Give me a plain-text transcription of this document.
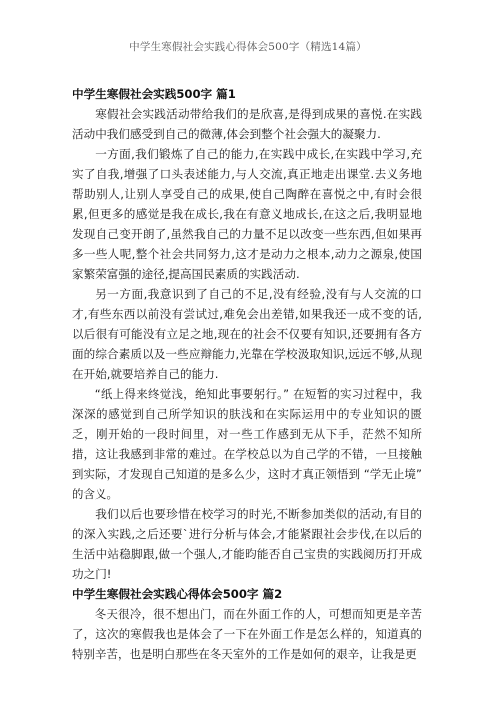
中学生寒假社会实践心得体会500字（精选14篇）
中学生寒假社会实践500字 篇1

寒假社会实践活动带给我们的是欣喜,是得到成果的喜悦.在实践活动中我们感受到自己的微薄,体会到整个社会强大的凝聚力.

一方面,我们锻炼了自己的能力,在实践中成长,在实践中学习,充实了自我,增强了口头表述能力,与人交流,真正地走出课堂.去义务地帮助别人,让别人享受自己的成果,使自己陶醉在喜悦之中,有时会很累,但更多的感觉是我在成长,我在有意义地成长,在这之后,我明显地发现自己变开朗了,虽然我自己的力量不足以改变一些东西,但如果再多一些人呢,整个社会共同努力,这才是动力之根本,动力之源泉,使国家繁荣富强的途径,提高国民素质的实践活动.

另一方面,我意识到了自己的不足,没有经验,没有与人交流的口才,有些东西以前没有尝试过,难免会出差错,如果我还一成不变的话,以后很有可能没有立足之地,现在的社会不仅要有知识,还要拥有各方面的综合素质以及一些应辩能力,光靠在学校汲取知识,远远不够,从现在开始,就要培养自己的能力.

“纸上得来终觉浅，绝知此事要躬行。” 在短暂的实习过程中，我深深的感觉到自己所学知识的肤浅和在实际运用中的专业知识的匮乏，刚开始的一段时间里，对一些工作感到无从下手，茫然不知所措，这让我感到非常的难过。在学校总以为自己学的不错，一旦接触到实际，才发现自己知道的是多么少，这时才真正领悟到 “学无止境” 的含义。

我们以后也要珍惜在校学习的时光,不断参加类似的活动,有目的的深入实践,之后还要`进行分析与体会,才能紧跟社会步伐,在以后的生活中站稳脚跟,做一个强人,才能昀能否自己宝贵的实践阅历打开成功之门!

中学生寒假社会实践心得体会500字 篇2

冬天很冷，很不想出门，而在外面工作的人，可想而知更是辛苦了，这次的寒假我也是体会了一下在外面工作是怎么样的，知道真的特别辛苦，也是明白那些在冬天室外的工作是如何的艰辛，让我是更
